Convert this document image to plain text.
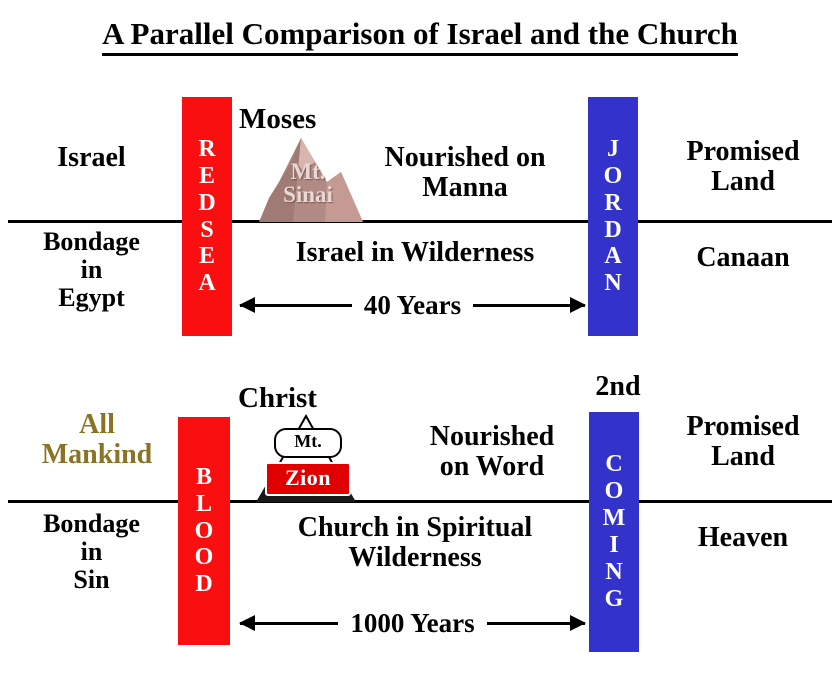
A Parallel Comparison of Israel and the Church
Israel
Bondage
in
Egypt
R
E
D
S
E
A
Moses
Mt.
Sinai
Nourished on
Manna
Israel in Wilderness
40 Years
J
O
R
D
A
N
Promised
Land
Canaan
All
Mankind
Bondage
in
Sin
B
L
O
O
D
Christ
Mt.
Zion
Nourished
on Word
Church in Spiritual
Wilderness
1000 Years
2nd
C
O
M
I
N
G
Promised
Land
Heaven
